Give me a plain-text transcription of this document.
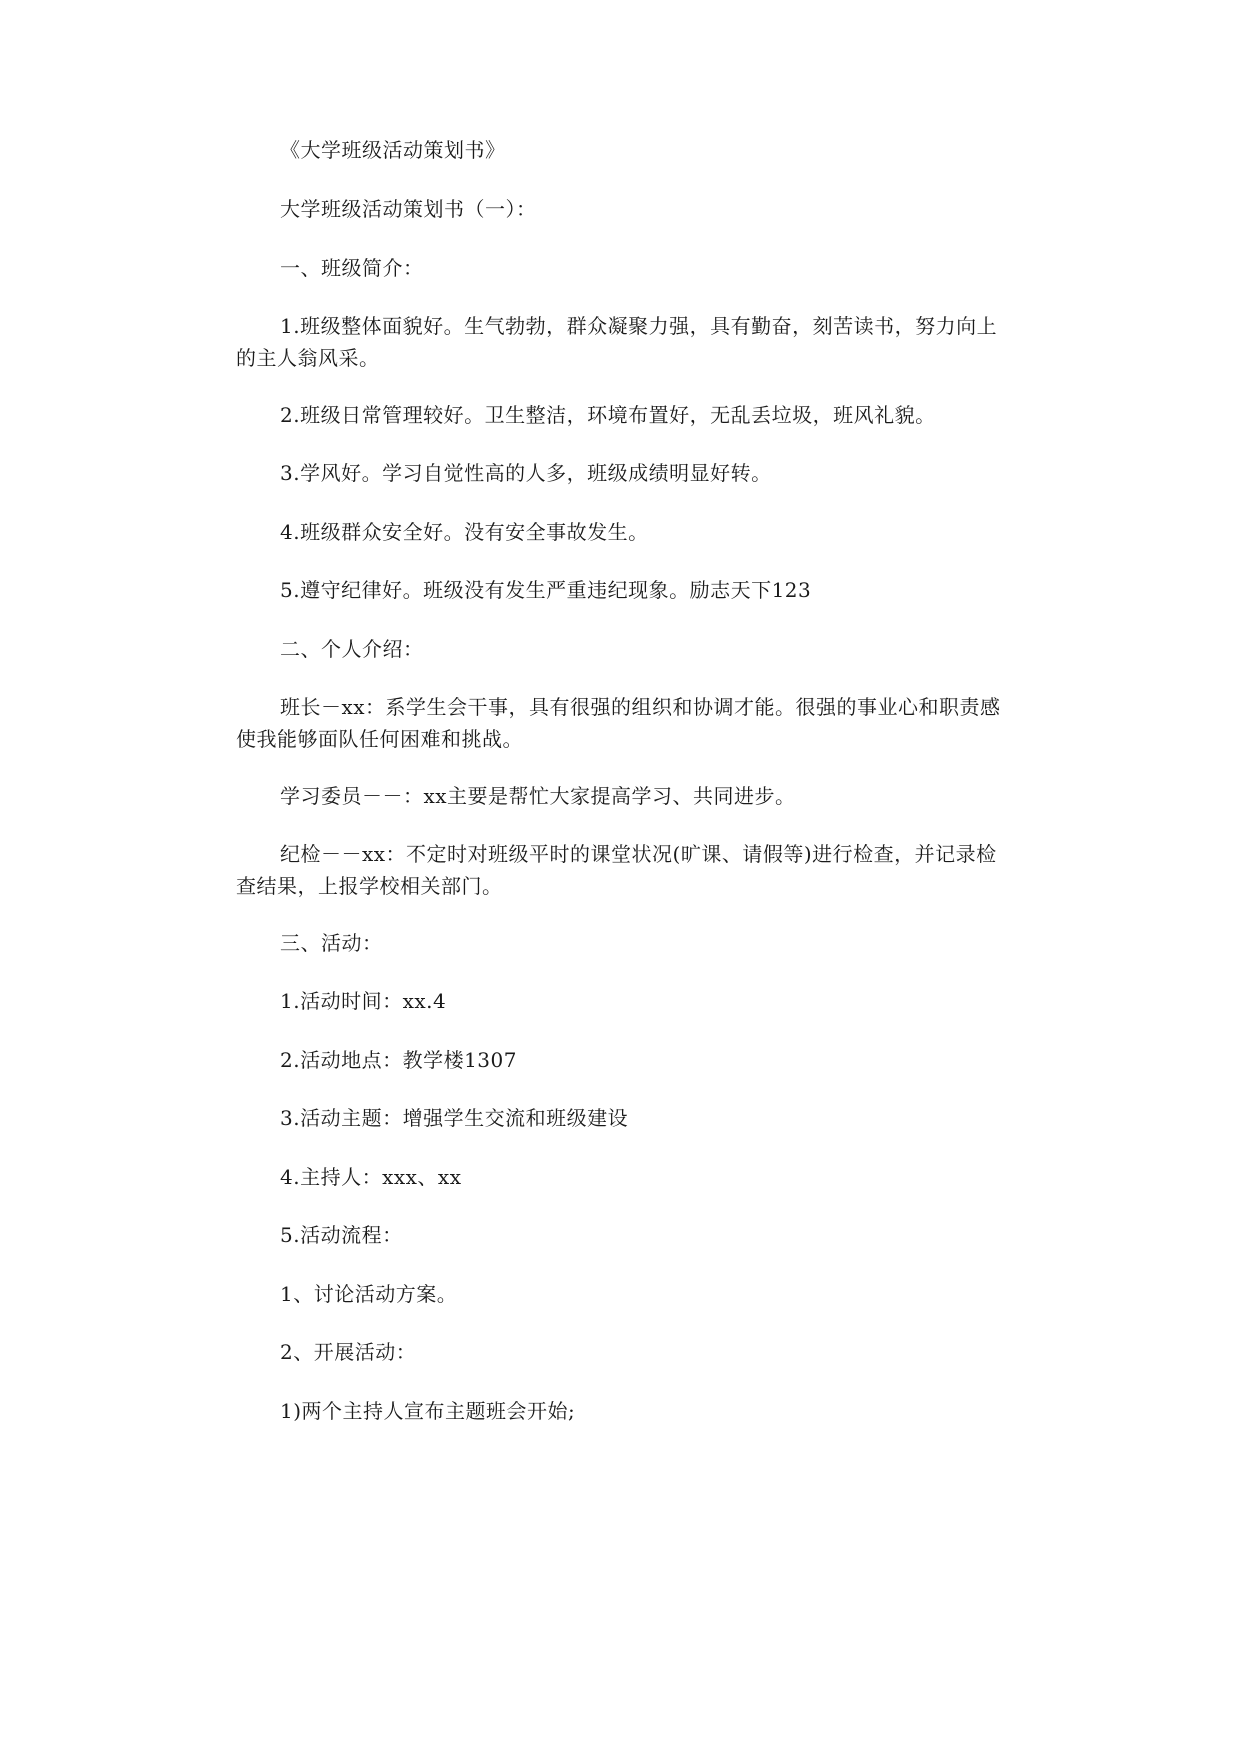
《大学班级活动策划书》

大学班级活动策划书（一）：

一、班级简介：

1.班级整体面貌好。生气勃勃，群众凝聚力强，具有勤奋，刻苦读书，努力向上的主人翁风采。

2.班级日常管理较好。卫生整洁，环境布置好，无乱丢垃圾，班风礼貌。

3.学风好。学习自觉性高的人多，班级成绩明显好转。

4.班级群众安全好。没有安全事故发生。

5.遵守纪律好。班级没有发生严重违纪现象。励志天下123

二、个人介绍：

班长－xx：系学生会干事，具有很强的组织和协调才能。很强的事业心和职责感使我能够面队任何困难和挑战。

学习委员－－：xx主要是帮忙大家提高学习、共同进步。

纪检－－xx：不定时对班级平时的课堂状况(旷课、请假等)进行检查，并记录检查结果，上报学校相关部门。

三、活动：

1.活动时间：xx.4

2.活动地点：教学楼1307

3.活动主题：增强学生交流和班级建设

4.主持人：xxx、xx

5.活动流程：

1、讨论活动方案。

2、开展活动：

1)两个主持人宣布主题班会开始;
